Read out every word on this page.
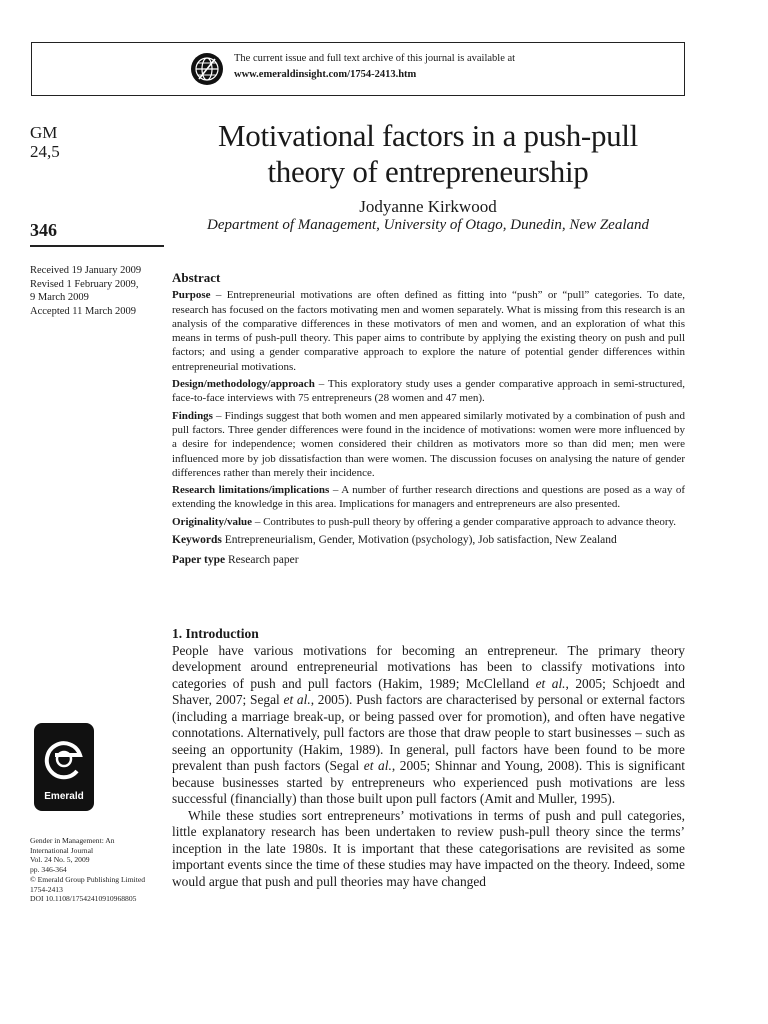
The current issue and full text archive of this journal is available at
www.emeraldinsight.com/1754-2413.htm
GM
24,5
346
Received 19 January 2009
Revised 1 February 2009,
9 March 2009
Accepted 11 March 2009
Motivational factors in a push-pull
theory of entrepreneurship
Jodyanne Kirkwood
Department of Management, University of Otago, Dunedin, New Zealand
Abstract

Purpose – Entrepreneurial motivations are often defined as fitting into “push” or “pull” categories. To date, research has focused on the factors motivating men and women separately. What is missing from this research is an analysis of the comparative differences in these motivators of men and women, and an exploration of what this means in terms of push-pull theory. This paper aims to contribute by applying the existing theory on push and pull factors; and using a gender comparative approach to explore the nature of potential gender differences within entrepreneurial motivations.

Design/methodology/approach – This exploratory study uses a gender comparative approach in semi-structured, face-to-face interviews with 75 entrepreneurs (28 women and 47 men).

Findings – Findings suggest that both women and men appeared similarly motivated by a combination of push and pull factors. Three gender differences were found in the incidence of motivations: women were more influenced by a desire for independence; women considered their children as motivators more so than did men; men were influenced more by job dissatisfaction than were women. The discussion focuses on analysing the nature of gender differences rather than merely their incidence.

Research limitations/implications – A number of further research directions and questions are posed as a way of extending the knowledge in this area. Implications for managers and entrepreneurs are also presented.

Originality/value – Contributes to push-pull theory by offering a gender comparative approach to advance theory.

Keywords Entrepreneurialism, Gender, Motivation (psychology), Job satisfaction, New Zealand

Paper type Research paper

1. Introduction

People have various motivations for becoming an entrepreneur. The primary theory development around entrepreneurial motivations has been to classify motivations into categories of push and pull factors (Hakim, 1989; McClelland et al., 2005; Schjoedt and Shaver, 2007; Segal et al., 2005). Push factors are characterised by personal or external factors (including a marriage break-up, or being passed over for promotion), and often have negative connotations. Alternatively, pull factors are those that draw people to start businesses – such as seeing an opportunity (Hakim, 1989). In general, pull factors have been found to be more prevalent than push factors (Segal et al., 2005; Shinnar and Young, 2008). This is significant because businesses started by entrepreneurs who experienced push motivations are less successful (financially) than those built upon pull factors (Amit and Muller, 1995).

While these studies sort entrepreneurs’ motivations in terms of push and pull categories, little explanatory research has been undertaken to review push-pull theory since the terms’ inception in the late 1980s. It is important that these categorisations are revisited as some important events since the time of these studies may have impacted on the theory. Indeed, some would argue that push and pull theories may have changed

Emerald
Gender in Management: An
International Journal
Vol. 24 No. 5, 2009
pp. 346-364
© Emerald Group Publishing Limited
1754-2413
DOI 10.1108/17542410910968805
